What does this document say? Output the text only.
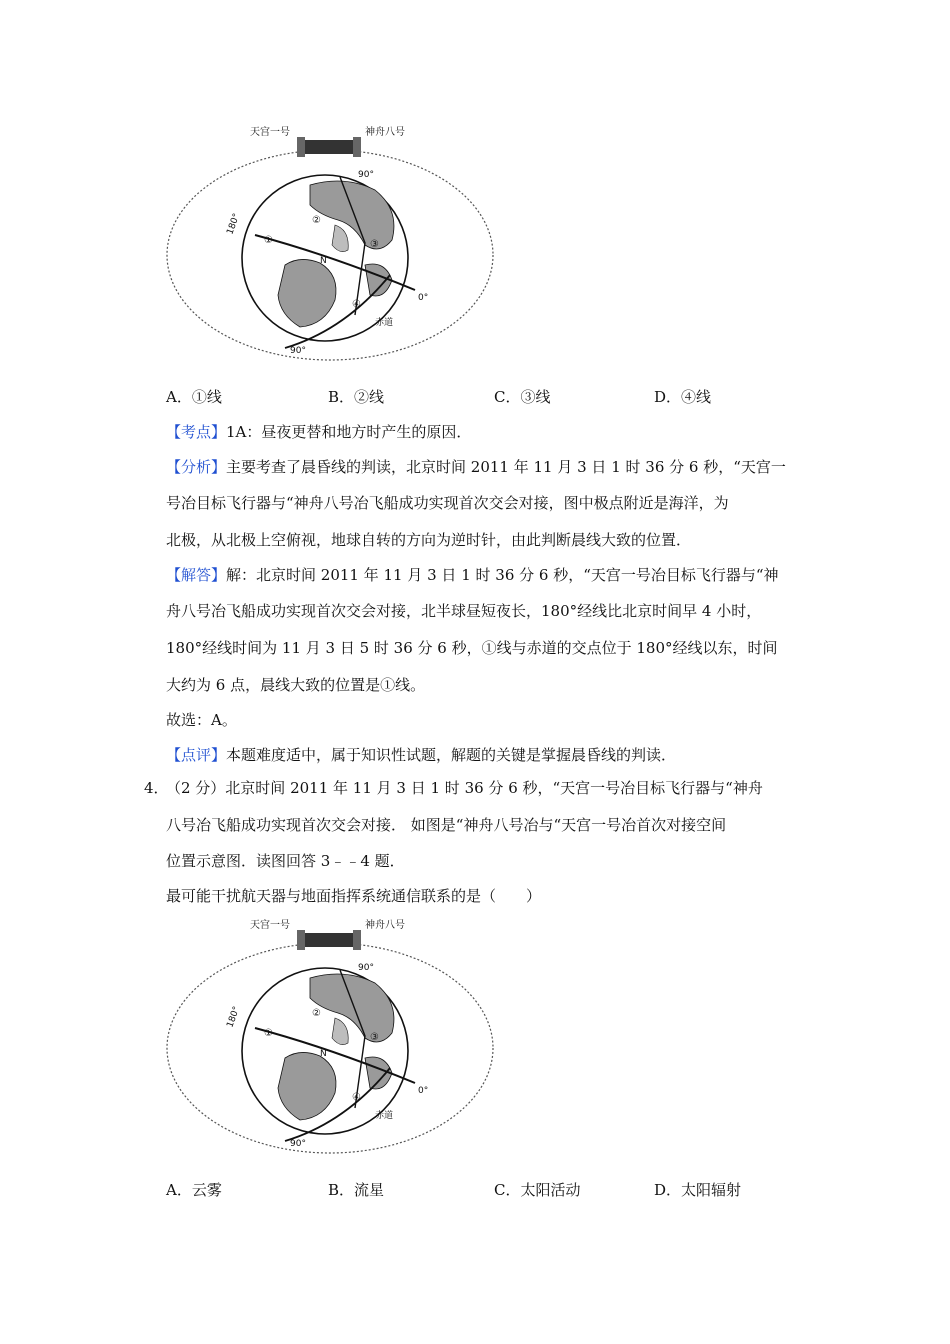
天宫一号	神舟八号
90°
180°
0°
90°
N
赤道
①
②
③
④
A．①线	B．②线	C．③线	D．④线
【考点】1A：昼夜更替和地方时产生的原因．
【分析】主要考查了晨昏线的判读，北京时间 2011 年 11 月 3 日 1 时 36 分 6 秒，“天宫一
号冶目标飞行器与“神舟八号冶飞船成功实现首次交会对接，图中极点附近是海洋，为
北极，从北极上空俯视，地球自转的方向为逆时针，由此判断晨线大致的位置．
【解答】解：北京时间 2011 年 11 月 3 日 1 时 36 分 6 秒，“天宫一号冶目标飞行器与“神
舟八号冶飞船成功实现首次交会对接，北半球昼短夜长，180°经线比北京时间早 4 小时，
180°经线时间为 11 月 3 日 5 时 36 分 6 秒，①线与赤道的交点位于 180°经线以东，时间
大约为 6 点，晨线大致的位置是①线。
故选：A。
【点评】本题难度适中，属于知识性试题，解题的关键是掌握晨昏线的判读．
4．
（2 分）北京时间 2011 年 11 月 3 日 1 时 36 分 6 秒，“天宫一号冶目标飞行器与“神舟
八号冶飞船成功实现首次交会对接． 如图是“神舟八号冶与“天宫一号冶首次对接空间
位置示意图．读图回答 3﹣﹣4 题．
最可能干扰航天器与地面指挥系统通信联系的是（　　）
天宫一号	神舟八号
90°
180°
0°
90°
N
赤道
①
②
③
④
A．云雾	B．流星	C．太阳活动	D．太阳辐射
